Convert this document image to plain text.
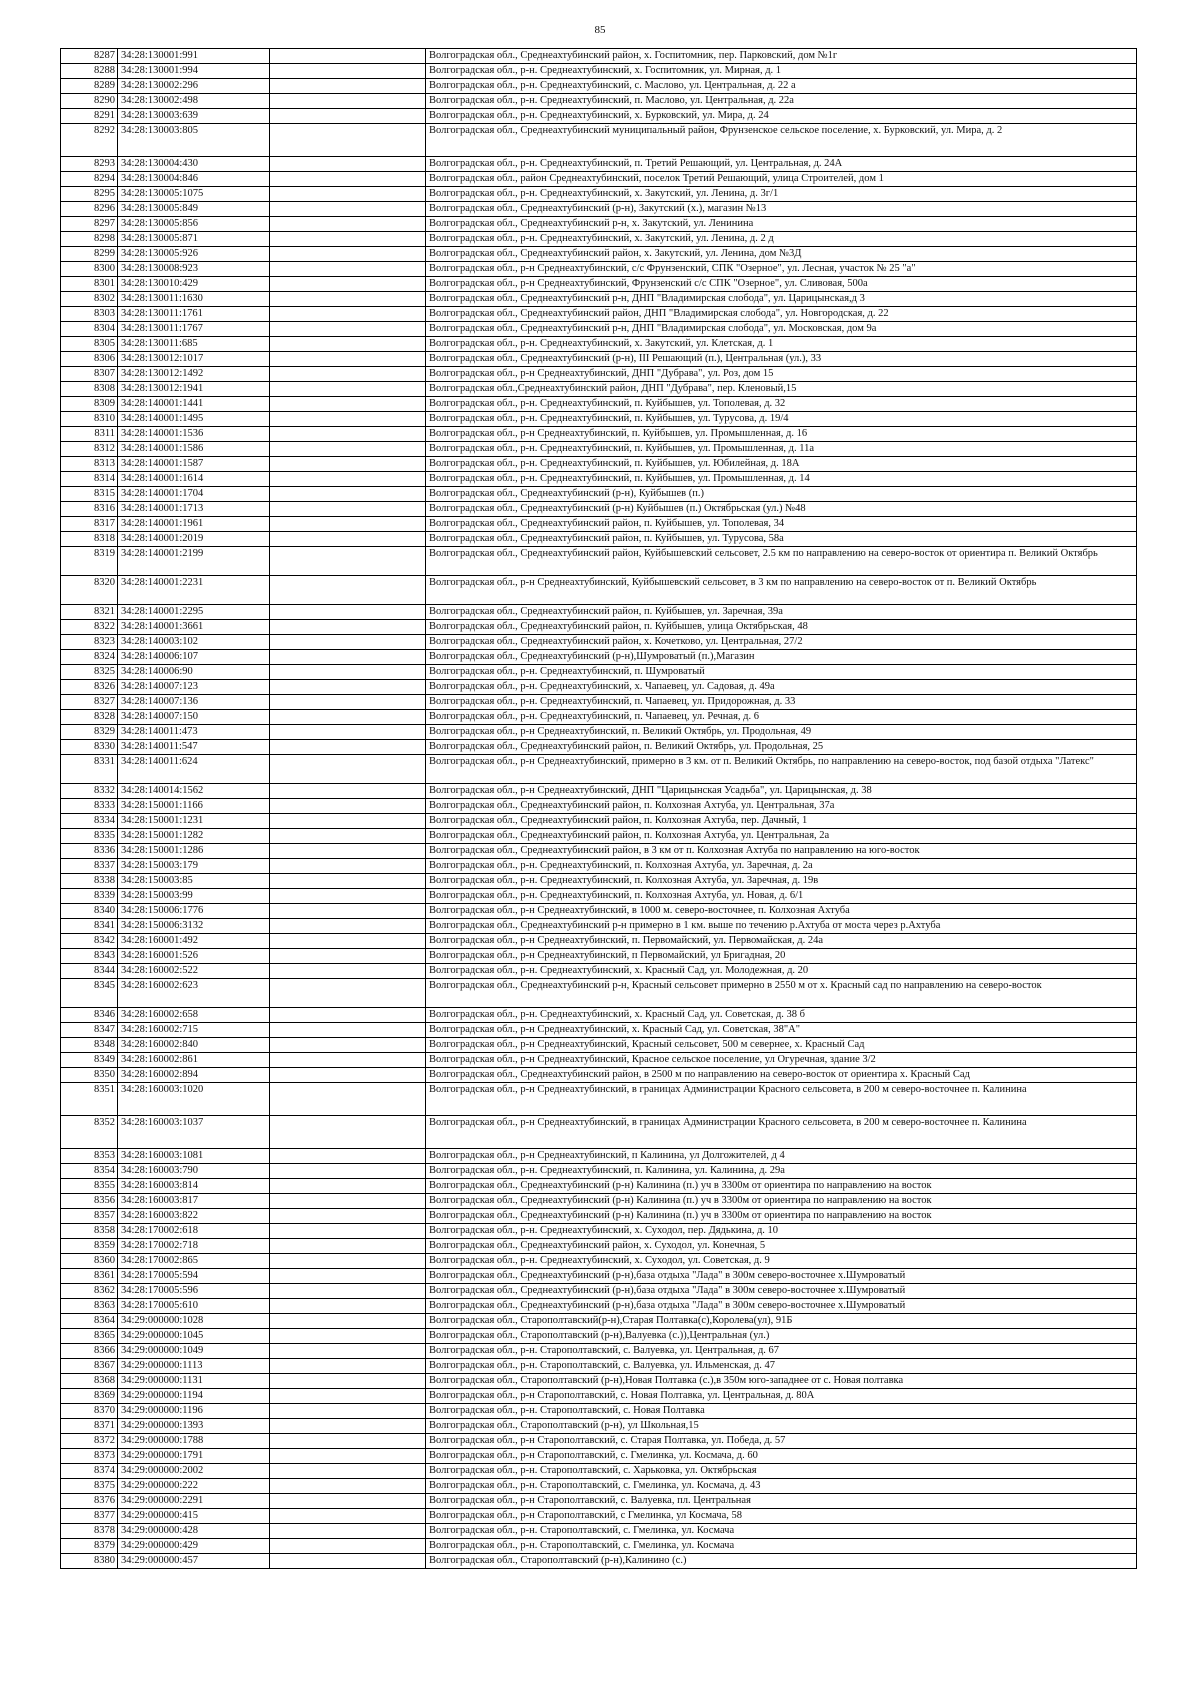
85
8287	34:28:130001:991		Волгоградская обл., Среднеахтубинский район, х. Госпитомник, пер. Парковский, дом №1г
8288	34:28:130001:994		Волгоградская обл., р-н. Среднеахтубинский, х. Госпитомник, ул. Мирная, д. 1
8289	34:28:130002:296		Волгоградская обл., р-н. Среднеахтубинский, с. Маслово, ул. Центральная, д. 22 а
8290	34:28:130002:498		Волгоградская обл., р-н. Среднеахтубинский, п. Маслово, ул. Центральная, д. 22а
8291	34:28:130003:639		Волгоградская обл., р-н. Среднеахтубинский, х. Бурковский, ул. Мира, д. 24
8292	34:28:130003:805		Волгоградская обл., Среднеахтубинский муниципальный район, Фрунзенское сельское поселение, х. Бурковский, ул. Мира, д. 2
8293	34:28:130004:430		Волгоградская обл., р-н. Среднеахтубинский, п. Третий Решающий, ул. Центральная, д. 24А
8294	34:28:130004:846		Волгоградская обл., район Среднеахтубинский, поселок Третий Решающий, улица Строителей, дом 1
8295	34:28:130005:1075		Волгоградская обл., р-н. Среднеахтубинский, х. Закутский, ул. Ленина, д. 3г/1
8296	34:28:130005:849		Волгоградская обл., Среднеахтубинский (р-н), Закутский (х.), магазин №13
8297	34:28:130005:856		Волгоградская обл., Среднеахтубинский р-н, х. Закутский, ул. Ленинина
8298	34:28:130005:871		Волгоградская обл., р-н. Среднеахтубинский, х. Закутский, ул. Ленина, д. 2 д
8299	34:28:130005:926		Волгоградская обл., Среднеахтубинский район, х. Закутский, ул. Ленина, дом №3Д
8300	34:28:130008:923		Волгоградская обл., р-н Среднеахтубинский, с/с Фрунзенский, СПК "Озерное", ул. Лесная, участок № 25 "а"
8301	34:28:130010:429		Волгоградская обл., р-н Среднеахтубинский, Фрунзенский с/с СПК "Озерное", ул. Сливовая, 500а
8302	34:28:130011:1630		Волгоградская обл., Среднеахтубинский р-н, ДНП "Владимирская слобода", ул. Царицынская,д 3
8303	34:28:130011:1761		Волгоградская обл., Среднеахтубинский район, ДНП "Владимирская слобода", ул. Новгородская, д. 22
8304	34:28:130011:1767		Волгоградская обл., Среднеахтубинский р-н, ДНП "Владимирская слобода", ул. Московская, дом 9а
8305	34:28:130011:685		Волгоградская обл., р-н. Среднеахтубинский, х. Закутский, ул. Клетская, д. 1
8306	34:28:130012:1017		Волгоградская обл., Среднеахтубинский (р-н), III Решающий (п.), Центральная (ул.), 33
8307	34:28:130012:1492		Волгоградская обл., р-н Среднеахтубинский, ДНП "Дубрава", ул. Роз, дом 15
8308	34:28:130012:1941		Волгоградская обл.,Среднеахтубинский район, ДНП "Дубрава", пер. Кленовый,15
8309	34:28:140001:1441		Волгоградская обл., р-н. Среднеахтубинский, п. Куйбышев, ул. Тополевая, д. 32
8310	34:28:140001:1495		Волгоградская обл., р-н. Среднеахтубинский, п. Куйбышев, ул. Турусова, д. 19/4
8311	34:28:140001:1536		Волгоградская обл., р-н Среднеахтубинский, п. Куйбышев, ул. Промышленная, д. 16
8312	34:28:140001:1586		Волгоградская обл., р-н. Среднеахтубинский, п. Куйбышев, ул. Промышленная, д. 11а
8313	34:28:140001:1587		Волгоградская обл., р-н. Среднеахтубинский, п. Куйбышев, ул. Юбилейная, д. 18А
8314	34:28:140001:1614		Волгоградская обл., р-н. Среднеахтубинский, п. Куйбышев, ул. Промышленная, д. 14
8315	34:28:140001:1704		Волгоградская обл., Среднеахтубинский (р-н), Куйбышев (п.)
8316	34:28:140001:1713		Волгоградская обл., Среднеахтубинский (р-н) Куйбышев (п.) Октябрьская (ул.) №48
8317	34:28:140001:1961		Волгоградская обл., Среднеахтубинский район, п. Куйбышев, ул. Тополевая, 34
8318	34:28:140001:2019		Волгоградская обл., Среднеахтубинский район, п. Куйбышев, ул. Турусова, 58а
8319	34:28:140001:2199		Волгоградская обл., Среднеахтубинский район, Куйбышевский сельсовет, 2.5 км по направлению на северо-восток от ориентира п. Великий Октябрь
8320	34:28:140001:2231		Волгоградская обл., р-н Среднеахтубинский, Куйбышевский сельсовет, в 3 км по направлению на северо-восток от п. Великий Октябрь
8321	34:28:140001:2295		Волгоградская обл., Среднеахтубинский район, п. Куйбышев, ул. Заречная, 39а
8322	34:28:140001:3661		Волгоградская обл., Среднеахтубинский район, п. Куйбышев, улица Октябрьская, 48
8323	34:28:140003:102		Волгоградская обл., Среднеахтубинский район, х. Кочетково, ул. Центральная, 27/2
8324	34:28:140006:107		Волгоградская обл., Среднеахтубинский (р-н),Шумроватый (п.),Магазин
8325	34:28:140006:90		Волгоградская обл., р-н. Среднеахтубинский, п. Шумроватый
8326	34:28:140007:123		Волгоградская обл., р-н. Среднеахтубинский, х. Чапаевец, ул. Садовая, д. 49а
8327	34:28:140007:136		Волгоградская обл., р-н. Среднеахтубинский, п. Чапаевец, ул. Придорожная, д. 33
8328	34:28:140007:150		Волгоградская обл., р-н. Среднеахтубинский, п. Чапаевец, ул. Речная, д. 6
8329	34:28:140011:473		Волгоградская обл., р-н Среднеахтубинский, п. Великий Октябрь, ул. Продольная, 49
8330	34:28:140011:547		Волгоградская обл., Среднеахтубинский район, п. Великий Октябрь, ул. Продольная, 25
8331	34:28:140011:624		Волгоградская обл., р-н Среднеахтубинский, примерно в 3 км. от п. Великий Октябрь, по направлению на северо-восток, под базой отдыха "Латекс"
8332	34:28:140014:1562		Волгоградская обл., р-н Среднеахтубинский, ДНП "Царицынская Усадьба", ул. Царицынская, д. 38
8333	34:28:150001:1166		Волгоградская обл., Среднеахтубинский район, п. Колхозная Ахтуба, ул. Центральная, 37а
8334	34:28:150001:1231		Волгоградская обл., Среднеахтубинский район, п. Колхозная Ахтуба, пер. Дачный, 1
8335	34:28:150001:1282		Волгоградская обл., Среднеахтубинский район, п. Колхозная Ахтуба, ул. Центральная, 2а
8336	34:28:150001:1286		Волгоградская обл., Среднеахтубинский район, в 3 км от п. Колхозная Ахтуба по направлению на юго-восток
8337	34:28:150003:179		Волгоградская обл., р-н. Среднеахтубинский, п. Колхозная Ахтуба, ул. Заречная, д. 2а
8338	34:28:150003:85		Волгоградская обл., р-н. Среднеахтубинский, п. Колхозная Ахтуба, ул. Заречная, д. 19в
8339	34:28:150003:99		Волгоградская обл., р-н. Среднеахтубинский, п. Колхозная Ахтуба, ул. Новая, д. 6/1
8340	34:28:150006:1776		Волгоградская обл., р-н Среднеахтубинский, в 1000 м. северо-восточнее, п. Колхозная Ахтуба
8341	34:28:150006:3132		Волгоградская обл., Среднеахтубинский р-н примерно в 1 км. выше по течению р.Ахтуба от моста через р.Ахтуба
8342	34:28:160001:492		Волгоградская обл., р-н Среднеахтубинский, п. Первомайский, ул. Первомайская, д. 24а
8343	34:28:160001:526		Волгоградская обл., р-н Среднеахтубинский, п Первомайский, ул Бригадная, 20
8344	34:28:160002:522		Волгоградская обл., р-н. Среднеахтубинский, х. Красный Сад, ул. Молодежная, д. 20
8345	34:28:160002:623		Волгоградская обл., Среднеахтубинский р-н, Красный сельсовет примерно в 2550 м от х. Красный сад по направлению на северо-восток
8346	34:28:160002:658		Волгоградская обл., р-н. Среднеахтубинский, х. Красный Сад, ул. Советская, д. 38 б
8347	34:28:160002:715		Волгоградская обл., р-н Среднеахтубинский, х. Красный Сад, ул. Советская, 38"А"
8348	34:28:160002:840		Волгоградская обл., р-н Среднеахтубинский, Красный сельсовет, 500 м севернее, х. Красный Сад
8349	34:28:160002:861		Волгоградская обл., р-н Среднеахтубинский, Красное сельское поселение, ул Огуречная, здание 3/2
8350	34:28:160002:894		Волгоградская обл., Среднеахтубинский район, в 2500 м по направлению на северо-восток от ориентира х. Красный Сад
8351	34:28:160003:1020		Волгоградская обл., р-н Среднеахтубинский, в границах Администрации Красного сельсовета, в 200 м северо-восточнее п. Калинина
8352	34:28:160003:1037		Волгоградская обл., р-н Среднеахтубинский, в границах Администрации Красного сельсовета, в 200 м северо-восточнее п. Калинина
8353	34:28:160003:1081		Волгоградская обл., р-н Среднеахтубинский, п Калинина, ул Долгожителей, д 4
8354	34:28:160003:790		Волгоградская обл., р-н. Среднеахтубинский, п. Калинина, ул. Калинина, д. 29а
8355	34:28:160003:814		Волгоградская обл., Среднеахтубинский (р-н) Калинина (п.) уч в 3300м от ориентира по направлению на восток
8356	34:28:160003:817		Волгоградская обл., Среднеахтубинский (р-н) Калинина (п.) уч в 3300м от ориентира по направлению на восток
8357	34:28:160003:822		Волгоградская обл., Среднеахтубинский (р-н) Калинина (п.) уч в 3300м от ориентира по направлению на восток
8358	34:28:170002:618		Волгоградская обл., р-н. Среднеахтубинский, х. Суходол, пер. Дядькина, д. 10
8359	34:28:170002:718		Волгоградская обл., Среднеахтубинский район, х. Суходол, ул. Конечная, 5
8360	34:28:170002:865		Волгоградская обл., р-н. Среднеахтубинский, х. Суходол, ул. Советская, д. 9
8361	34:28:170005:594		Волгоградская обл., Среднеахтубинский (р-н),база отдыха "Лада" в 300м северо-восточнее х.Шумроватый
8362	34:28:170005:596		Волгоградская обл., Среднеахтубинский (р-н),база отдыха "Лада" в 300м северо-восточнее х.Шумроватый
8363	34:28:170005:610		Волгоградская обл., Среднеахтубинский (р-н),база отдыха "Лада" в 300м северо-восточнее х.Шумроватый
8364	34:29:000000:1028		Волгоградская обл., Старополтавский(р-н),Старая Полтавка(с),Королева(ул), 91Б
8365	34:29:000000:1045		Волгоградская обл., Старополтавский (р-н),Валуевка (с.)),Центральная (ул.)
8366	34:29:000000:1049		Волгоградская обл., р-н. Старополтавский, с. Валуевка, ул. Центральная, д. 67
8367	34:29:000000:1113		Волгоградская обл., р-н. Старополтавский, с. Валуевка, ул. Ильменская, д. 47
8368	34:29:000000:1131		Волгоградская обл., Старополтавский (р-н),Новая Полтавка (с.),в 350м юго-западнее от с. Новая полтавка
8369	34:29:000000:1194		Волгоградская обл., р-н Старополтавский, с. Новая Полтавка, ул. Центральная, д. 80А
8370	34:29:000000:1196		Волгоградская обл., р-н. Старополтавский, с. Новая Полтавка
8371	34:29:000000:1393		Волгоградская обл., Старополтавский (р-н), ул Школьная,15
8372	34:29:000000:1788		Волгоградская обл., р-н Старополтавский, с. Старая Полтавка, ул. Победа, д. 57
8373	34:29:000000:1791		Волгоградская обл., р-н Старополтавский, с. Гмелинка, ул. Космача, д. 60
8374	34:29:000000:2002		Волгоградская обл., р-н. Старополтавский, с. Харьковка, ул. Октябрьская
8375	34:29:000000:222		Волгоградская обл., р-н. Старополтавский, с. Гмелинка, ул. Космача, д. 43
8376	34:29:000000:2291		Волгоградская обл., р-н Старополтавский, с. Валуевка, пл. Центральная
8377	34:29:000000:415		Волгоградская обл., р-н Старополтавский, с Гмелинка, ул Космача, 58
8378	34:29:000000:428		Волгоградская обл., р-н. Старополтавский, с. Гмелинка, ул. Космача
8379	34:29:000000:429		Волгоградская обл., р-н. Старополтавский, с. Гмелинка, ул. Космача
8380	34:29:000000:457		Волгоградская обл., Старополтавский (р-н),Калинино (с.)
